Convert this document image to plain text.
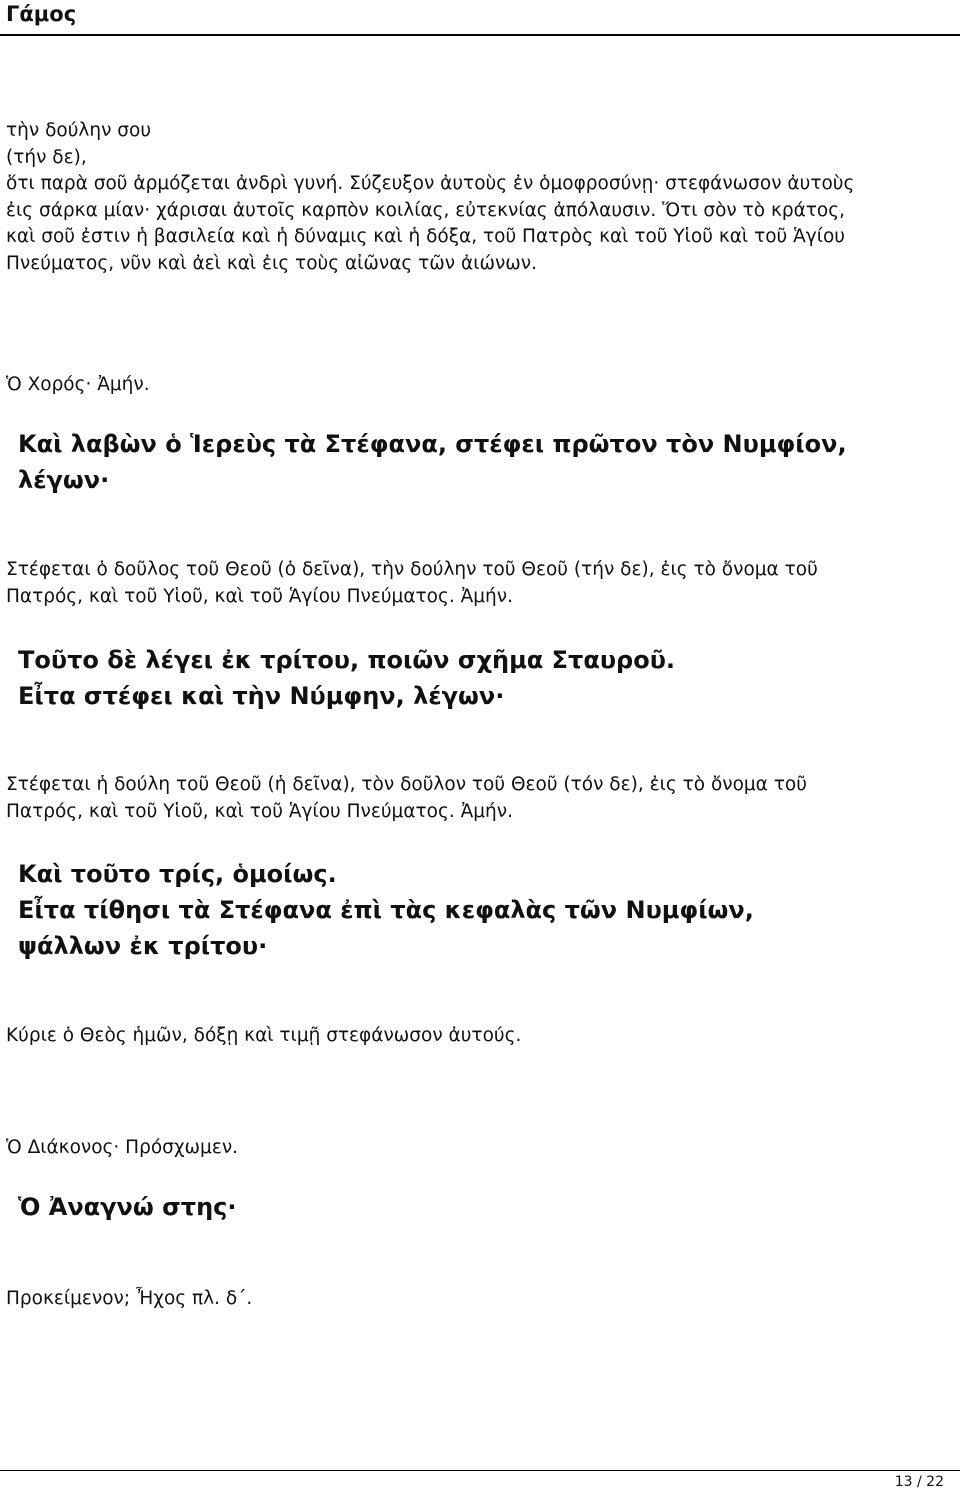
Γάμος
τὴν δούλην σου
(τήν δε),
ὅτι παρὰ σοῦ ἁρμόζεται ἀνδρὶ γυνή. Σύζευξον ἀυτοὺς ἐν ὁμοφροσύνῃ· στεφάνωσον ἀυτοὺς
ἐις σάρκα μίαν· χάρισαι ἀυτοῖς καρπὸν κοιλίας, εὐτεκνίας ἀπόλαυσιν. Ὅτι σὸν τὸ κράτος,
καὶ σοῦ ἐστιν ἡ βασιλεία καὶ ἡ δύναμις καὶ ἡ δόξα, τοῦ Πατρὸς καὶ τοῦ Υἱοῦ καὶ τοῦ Ἁγίου
Πνεύματος, νῦν καὶ ἀεὶ καὶ ἐις τοὺς αἰῶνας τῶν ἀιώνων.
Ὁ Χορός· Ἀμήν.
Καὶ λαβὼν ὁ Ἱερεὺς τὰ Στέφανα, στέφει πρῶτον τὸν Νυμφίον,
λέγων·
Στέφεται ὁ δοῦλος τοῦ Θεοῦ (ὁ δεῖνα), τὴν δούλην τοῦ Θεοῦ (τήν δε), ἐις τὸ ὄνομα τοῦ
Πατρός, καὶ τοῦ Υἱοῦ, καὶ τοῦ Ἁγίου Πνεύματος. Ἀμήν.
Τοῦτο δὲ λέγει ἐκ τρίτου, ποιῶν σχῆμα Σταυροῦ.
Εἶτα στέφει καὶ τὴν Νύμφην, λέγων·
Στέφεται ἡ δούλη τοῦ Θεοῦ (ἡ δεῖνα), τὸν δοῦλον τοῦ Θεοῦ (τόν δε), ἐις τὸ ὄνομα τοῦ
Πατρός, καὶ τοῦ Υἱοῦ, καὶ τοῦ Ἁγίου Πνεύματος. Ἀμήν.
Καὶ τοῦτο τρίς, ὁμοίως.
Εἶτα τίθησι τὰ Στέφανα ἐπὶ τὰς κεφαλὰς τῶν Νυμφίων,
ψάλλων ἐκ τρίτου·
Κύριε ὁ Θεὸς ἡμῶν, δόξῃ καὶ τιμῇ στεφάνωσον ἀυτούς.
Ὁ Διάκονος· Πρόσχωμεν.
Ὁ Ἀναγνώ στης·
Προκείμενον; Ἦχος πλ. δ΄.
13 / 22
